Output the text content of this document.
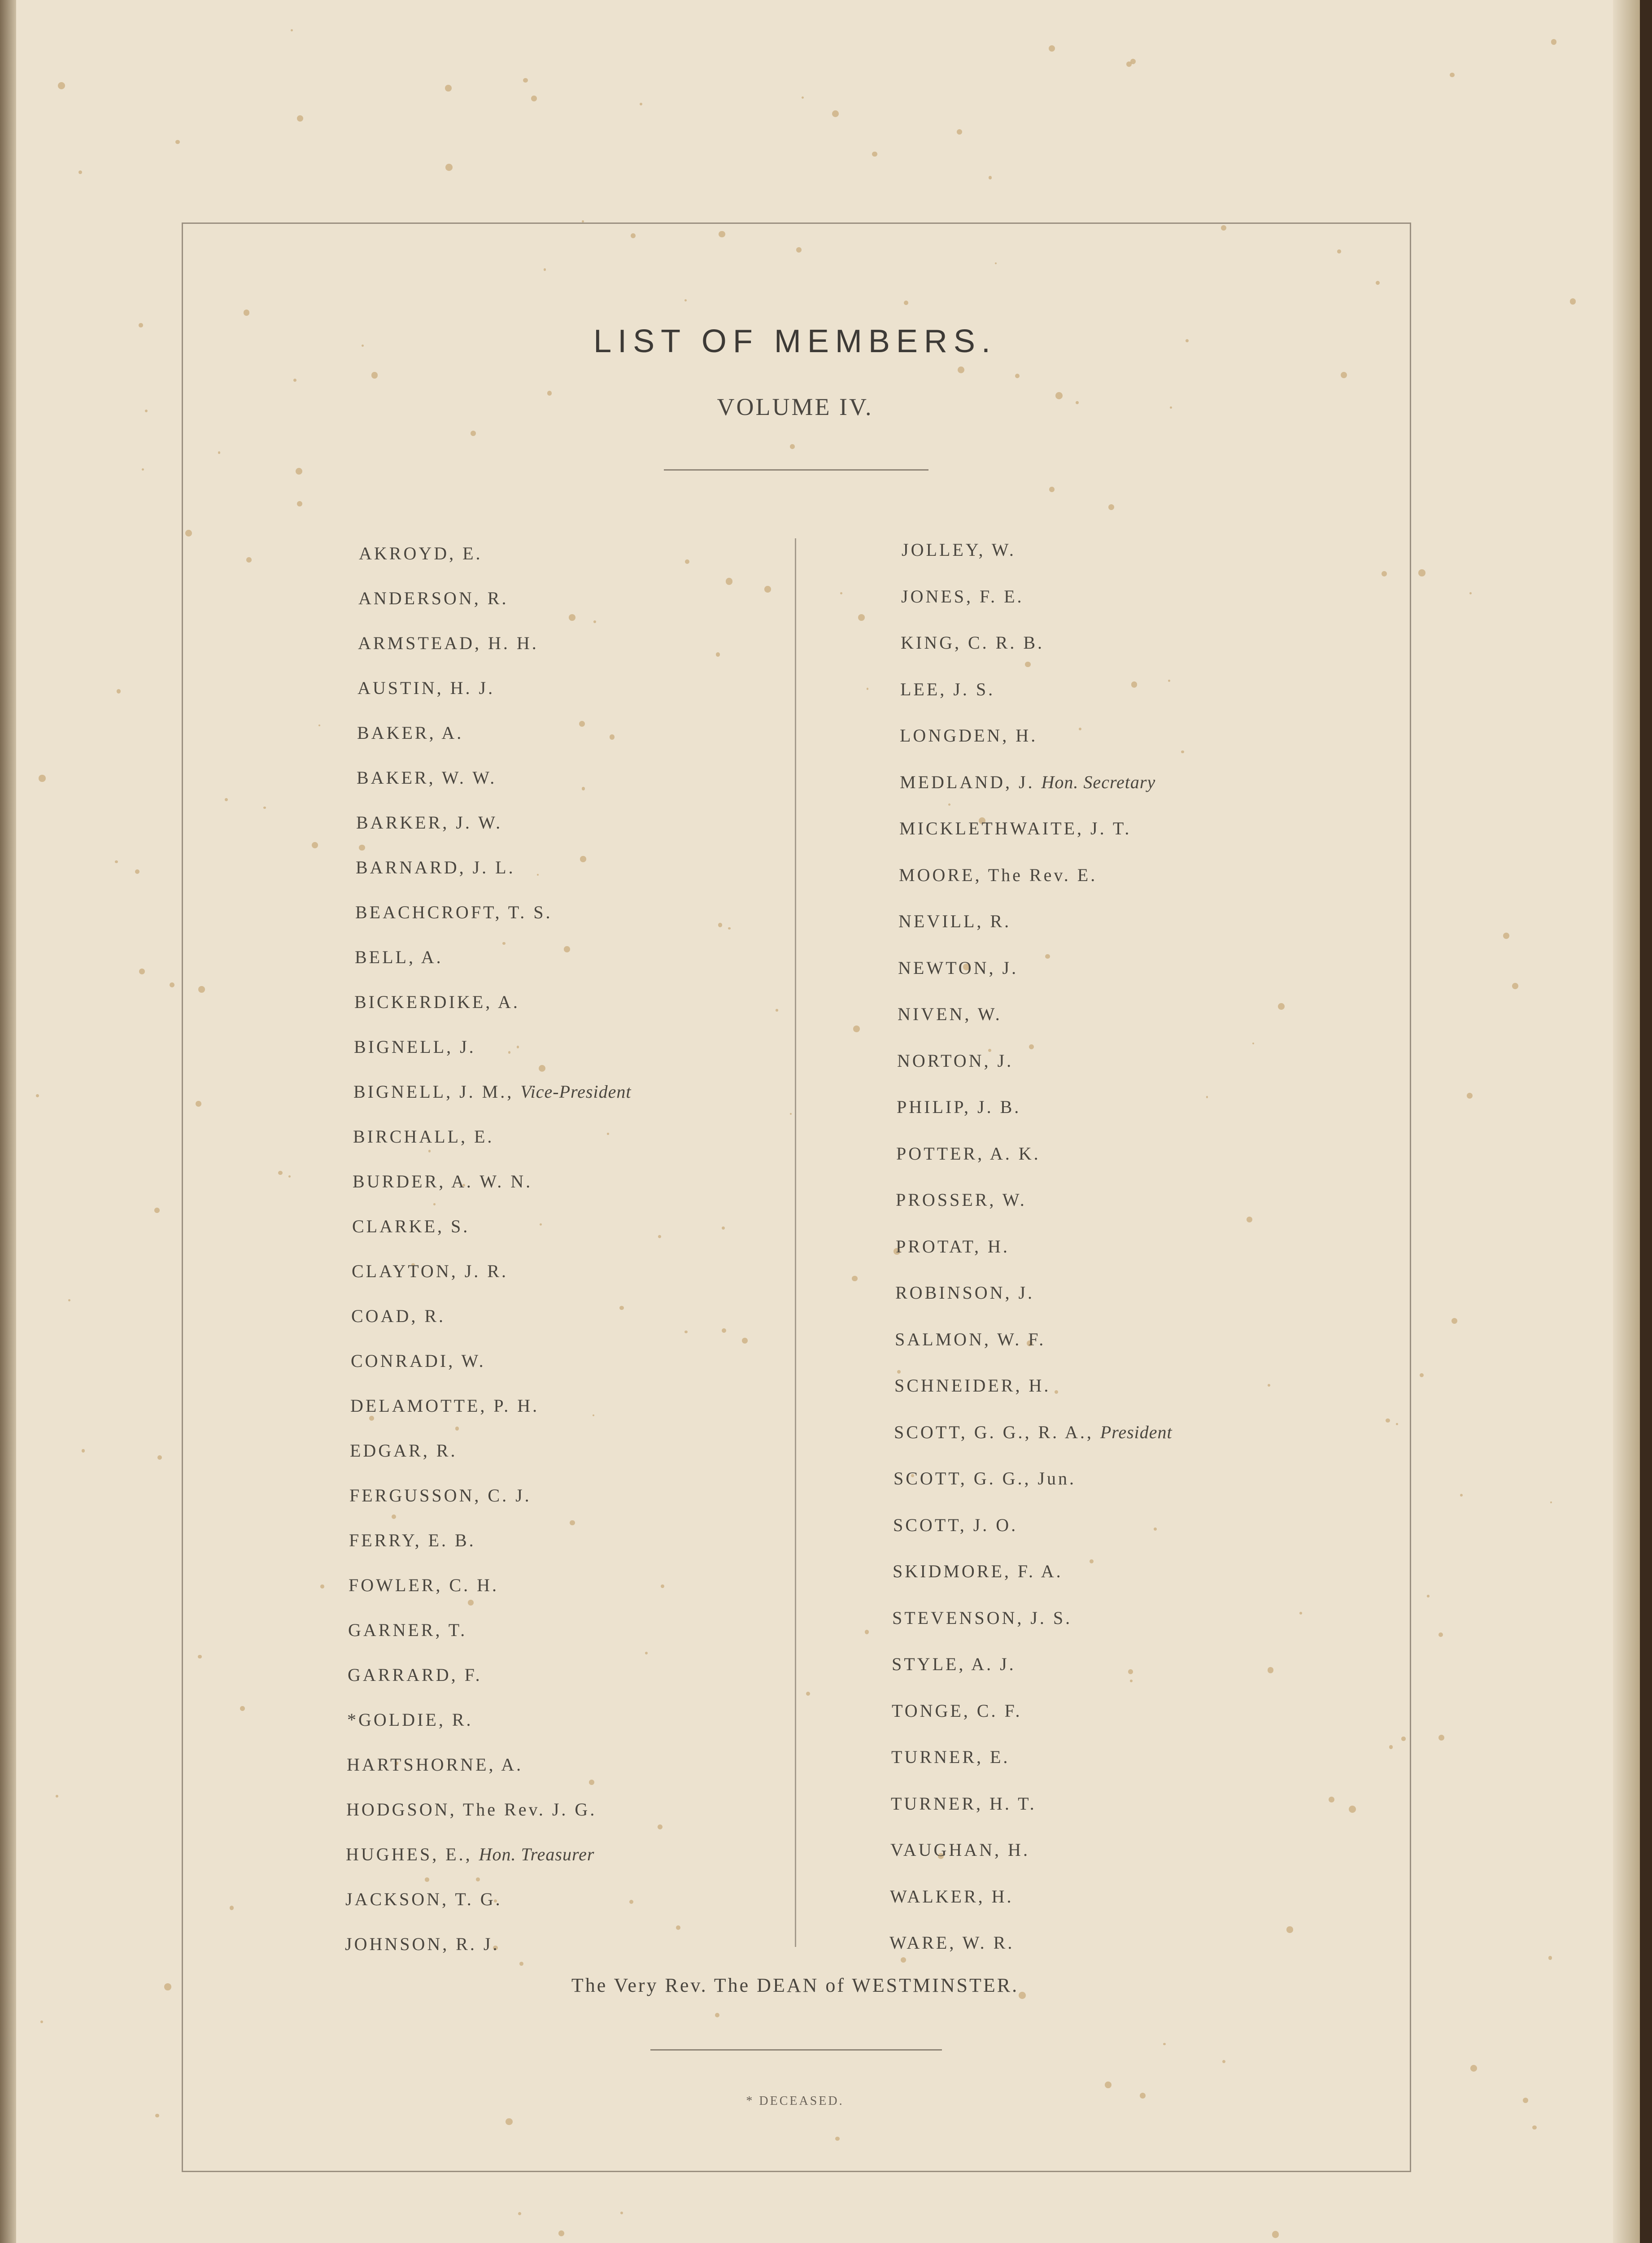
LIST OF MEMBERS.
VOLUME IV.
AKROYD, E.
ANDERSON, R.
ARMSTEAD, H. H.
AUSTIN, H. J.
BAKER, A.
BAKER, W. W.
BARKER, J. W.
BARNARD, J. L.
BEACHCROFT, T. S.
BELL, A.
BICKERDIKE, A.
BIGNELL, J.
BIGNELL, J. M., Vice-President
BIRCHALL, E.
BURDER, A. W. N.
CLARKE, S.
CLAYTON, J. R.
COAD, R.
CONRADI, W.
DELAMOTTE, P. H.
EDGAR, R.
FERGUSSON, C. J.
FERRY, E. B.
FOWLER, C. H.
GARNER, T.
GARRARD, F.
*GOLDIE, R.
HARTSHORNE, A.
HODGSON, The Rev. J. G.
HUGHES, E., Hon. Treasurer
JACKSON, T. G.
JOHNSON, R. J.
JOLLEY, W.
JONES, F. E.
KING, C. R. B.
LEE, J. S.
LONGDEN, H.
MEDLAND, J. Hon. Secretary
MICKLETHWAITE, J. T.
MOORE, The Rev. E.
NEVILL, R.
NEWTON, J.
NIVEN, W.
NORTON, J.
PHILIP, J. B.
POTTER, A. K.
PROSSER, W.
PROTAT, H.
ROBINSON, J.
SALMON, W. F.
SCHNEIDER, H.
SCOTT, G. G., R. A., President
SCOTT, G. G., Jun.
SCOTT, J. O.
SKIDMORE, F. A.
STEVENSON, J. S.
STYLE, A. J.
TONGE, C. F.
TURNER, E.
TURNER, H. T.
VAUGHAN, H.
WALKER, H.
WARE, W. R.
The Very Rev. The DEAN of WESTMINSTER.
* DECEASED.
